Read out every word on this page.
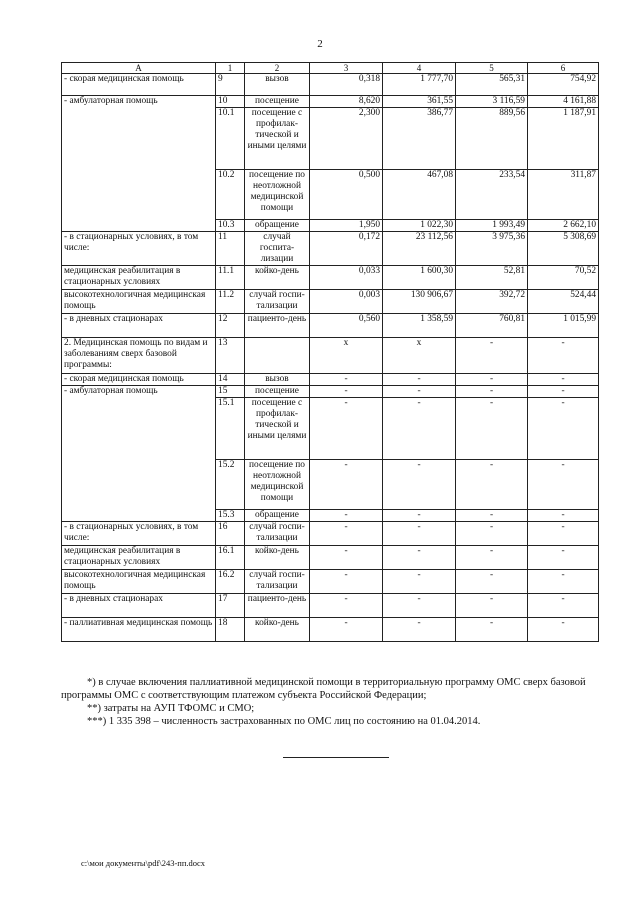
2
А	1	2	3	4	5	6
- скорая медицинская помощь	9	вызов	0,318	1 777,70	565,31	754,92
- амбулаторная помощь	10	посещение	8,620	361,55	3 116,59	4 161,88
	10.1	посещение с профилак-тической и иными целями	2,300	386,77	889,56	1 187,91
	10.2	посещение по неотложной медицинской помощи	0,500	467,08	233,54	311,87
	10.3	обращение	1,950	1 022,30	1 993,49	2 662,10
- в стационарных условиях, в том числе:	11	случай госпита-лизации	0,172	23 112,56	3 975,36	5 308,69
медицинская реабилитация в стационарных условиях	11.1	койко-день	0,033	1 600,30	52,81	70,52
высокотехнологичная медицинская помощь	11.2	случай госпи-тализации	0,003	130 906,67	392,72	524,44
- в дневных стационарах	12	пациенто-день	0,560	1 358,59	760,81	1 015,99
2. Медицинская помощь по видам и заболеваниям сверх базовой программы:	13		х	х	-	-
- скорая медицинская помощь	14	вызов	-	-	-	-
- амбулаторная помощь	15	посещение	-	-	-	-
	15.1	посещение с профилак-тической и иными целями	-	-	-	-
	15.2	посещение по неотложной медицинской помощи	-	-	-	-
	15.3	обращение	-	-	-	-
- в стационарных условиях, в том числе:	16	случай госпи-тализации	-	-	-	-
медицинская реабилитация в стационарных условиях	16.1	койко-день	-	-	-	-
высокотехнологичная медицинская помощь	16.2	случай госпи-тализации	-	-	-	-
- в дневных стационарах	17	пациенто-день	-	-	-	-
- паллиативная медицинская помощь	18	койко-день	-	-	-	-

*) в случае включения паллиативной медицинской помощи в территориальную программу ОМС сверх базовой программы ОМС с соответствующим платежом субъекта Российской Федерации;

**) затраты на АУП ТФОМС и СМО;

***) 1 335 398 – численность застрахованных по ОМС лиц по состоянию на 01.04.2014.

c:\мои документы\pdf\243-пп.docx
